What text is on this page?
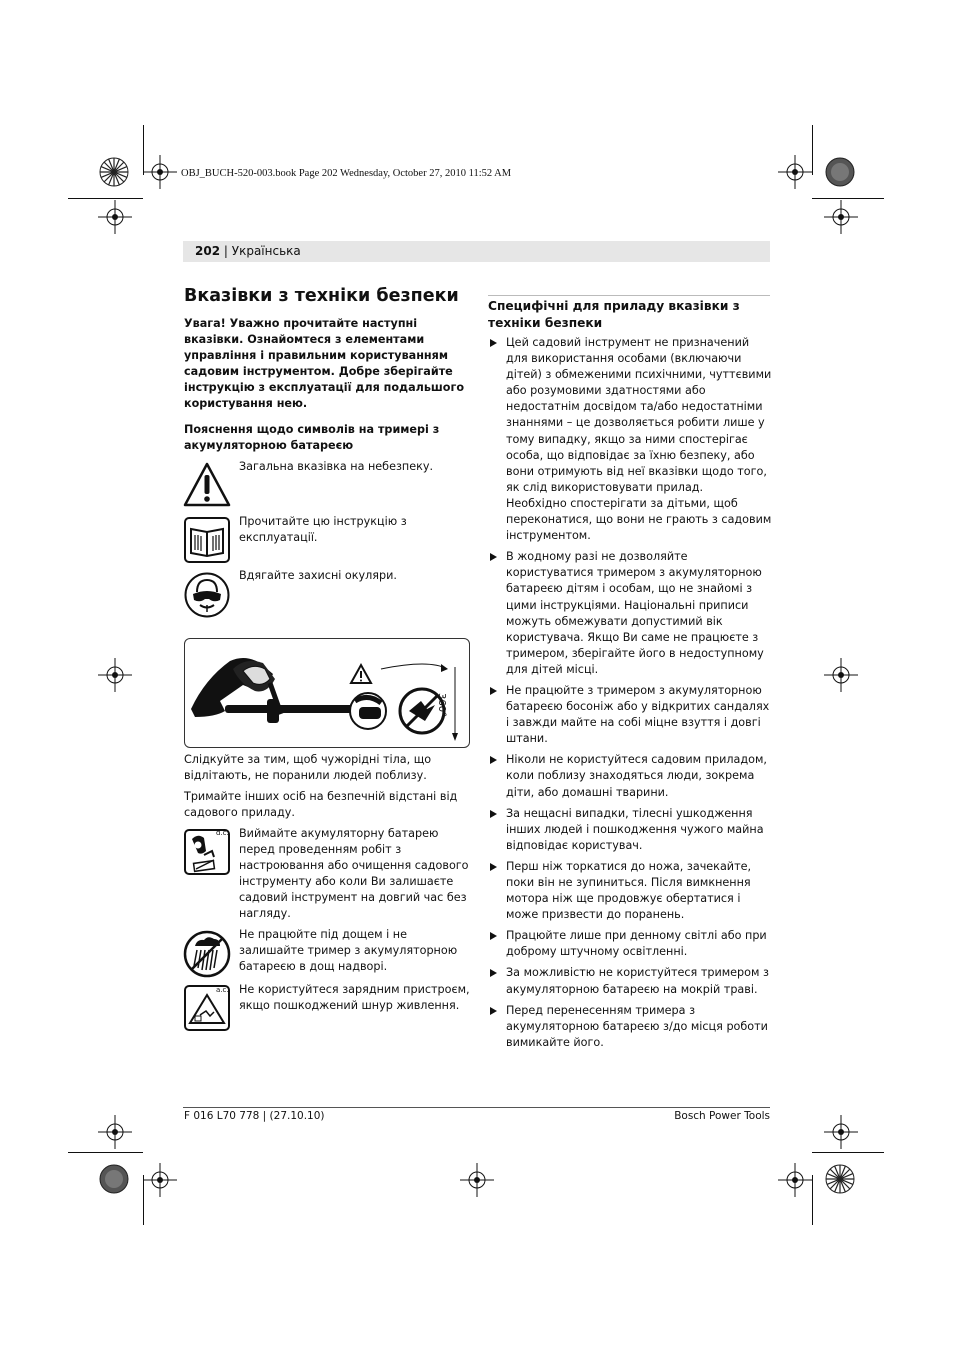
OBJ_BUCH-520-003.book Page 202 Wednesday, October 27, 2010 11:52 AM
202 | Українська
Вказівки з техніки безпеки
Увага! Уважно прочитайте наступні вказівки. Ознайомтеся з елементами управління і правильним користуванням садовим інструментом. Добре зберігайте інструкцію з експлуатації для подальшого користування нею.
Пояснення щодо символів на тримері з акумуляторною батареєю
Загальна вказівка на небезпеку.
Прочитайте цю інструкцію з експлуатації.
Вдягайте захисні окуляри.
360°
Слідкуйте за тим, щоб чужорідні тіла, що відлітають, не поранили людей поблизу.
Тримайте інших осіб на безпечній відстані від садового приладу.
d.c. Виймайте акумуляторну батарею перед проведенням робіт з настроювання або очищення садового інструменту або коли Ви залишаєте садовий інструмент на довгий час без нагляду.
Не працюйте під дощем і не залишайте тример з акумуляторною батареєю в дощ надворі.
a.c. Не користуйтеся зарядним пристроєм, якщо пошкоджений шнур живлення.
Специфічні для приладу вказівки з техніки безпеки
Цей садовий інструмент не призначений для використання особами (включаючи дітей) з обмеженими психічними, чуттєвими або розумовими здатностями або недостатнім досвідом та/або недостатніми знаннями – це дозволяється робити лише у тому випадку, якщо за ними спостерігає особа, що відповідає за їхню безпеку, або вони отримують від неї вказівки щодо того, як слід використовувати прилад.
Необхідно спостерігати за дітьми, щоб переконатися, що вони не грають з садовим інструментом.
В жодному разі не дозволяйте користуватися тримером з акумуляторною батареєю дітям і особам, що не знайомі з цими інструкціями. Національні приписи можуть обмежувати допустимий вік користувача. Якщо Ви саме не працюєте з тримером, зберігайте його в недоступному для дітей місці.
Не працюйте з тримером з акумуляторною батареєю босоніж або у відкритих сандалях і завжди майте на собі міцне взуття і довгі штани.
Ніколи не користуйтеся садовим приладом, коли поблизу знаходяться люди, зокрема діти, або домашні тварини.
За нещасні випадки, тілесні ушкодження інших людей і пошкодження чужого майна відповідає користувач.
Перш ніж торкатися до ножа, зачекайте, поки він не зупиниться. Після вимкнення мотора ніж ще продовжує обертатися і може призвести до поранень.
Працюйте лише при денному світлі або при доброму штучному освітленні.
За можливістю не користуйтеся тримером з акумуляторною батареєю на мокрій траві.
Перед перенесенням тримера з акумуляторною батареєю з/до місця роботи вимикайте його.
F 016 L70 778 | (27.10.10)	Bosch Power Tools
